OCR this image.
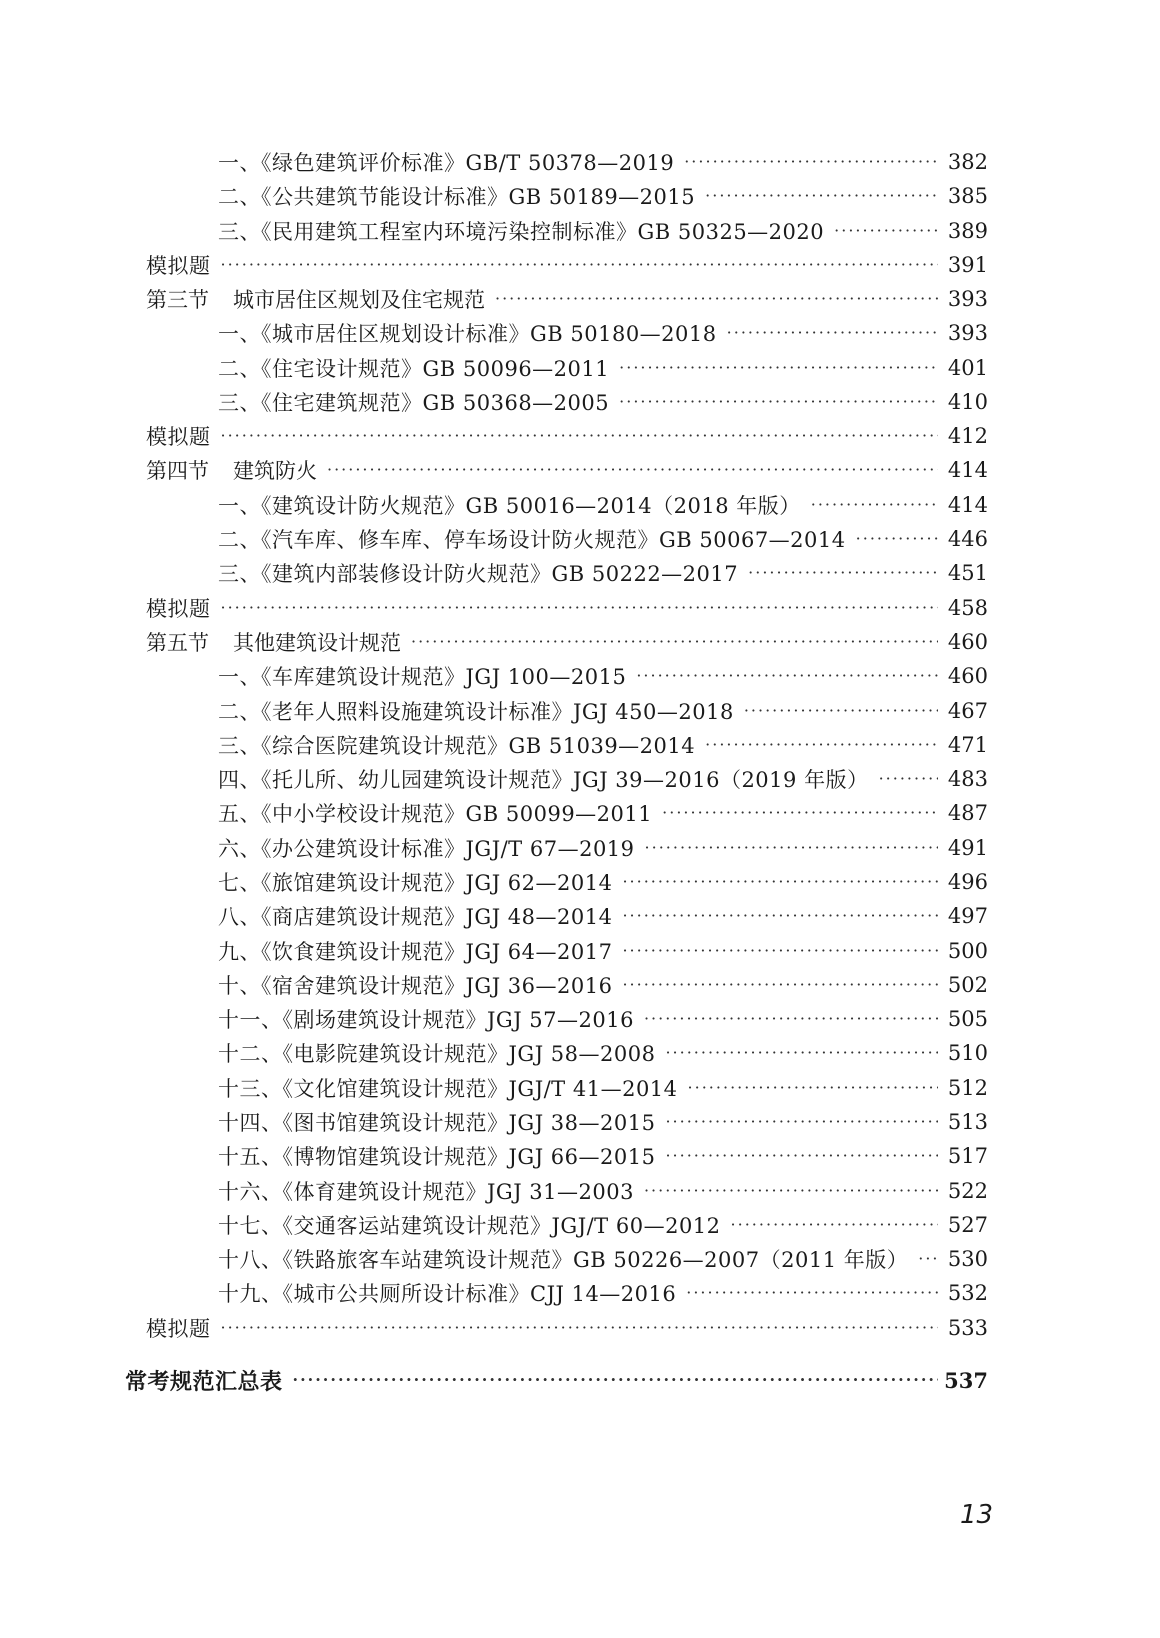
一、《绿色建筑评价标准》GB/T 50378—2019 ·····	382
二、《公共建筑节能设计标准》GB 50189—2015 ·····	385
三、《民用建筑工程室内环境污染控制标准》GB 50325—2020 ·····	389
模拟题 ·····	391
第三节 城市居住区规划及住宅规范 ·····	393
一、《城市居住区规划设计标准》GB 50180—2018 ·····	393
二、《住宅设计规范》GB 50096—2011 ·····	401
三、《住宅建筑规范》GB 50368—2005 ·····	410
模拟题 ·····	412
第四节 建筑防火 ·····	414
一、《建筑设计防火规范》GB 50016—2014（2018 年版） ·····	414
二、《汽车库、修车库、停车场设计防火规范》GB 50067—2014 ·····	446
三、《建筑内部装修设计防火规范》GB 50222—2017 ·····	451
模拟题 ·····	458
第五节 其他建筑设计规范 ·····	460
一、《车库建筑设计规范》JGJ 100—2015 ·····	460
二、《老年人照料设施建筑设计标准》JGJ 450—2018 ·····	467
三、《综合医院建筑设计规范》GB 51039—2014 ·····	471
四、《托儿所、幼儿园建筑设计规范》JGJ 39—2016（2019 年版） ·····	483
五、《中小学校设计规范》GB 50099—2011 ·····	487
六、《办公建筑设计标准》JGJ/T 67—2019 ·····	491
七、《旅馆建筑设计规范》JGJ 62—2014 ·····	496
八、《商店建筑设计规范》JGJ 48—2014 ·····	497
九、《饮食建筑设计规范》JGJ 64—2017 ·····	500
十、《宿舍建筑设计规范》JGJ 36—2016 ·····	502
十一、《剧场建筑设计规范》JGJ 57—2016 ·····	505
十二、《电影院建筑设计规范》JGJ 58—2008 ·····	510
十三、《文化馆建筑设计规范》JGJ/T 41—2014 ·····	512
十四、《图书馆建筑设计规范》JGJ 38—2015 ·····	513
十五、《博物馆建筑设计规范》JGJ 66—2015 ·····	517
十六、《体育建筑设计规范》JGJ 31—2003 ·····	522
十七、《交通客运站建筑设计规范》JGJ/T 60—2012 ·····	527
十八、《铁路旅客车站建筑设计规范》GB 50226—2007（2011 年版） ····· 530
十九、《城市公共厕所设计标准》CJJ 14—2016 ·····	532
模拟题 ·····	533
常考规范汇总表 ·····	537
13
